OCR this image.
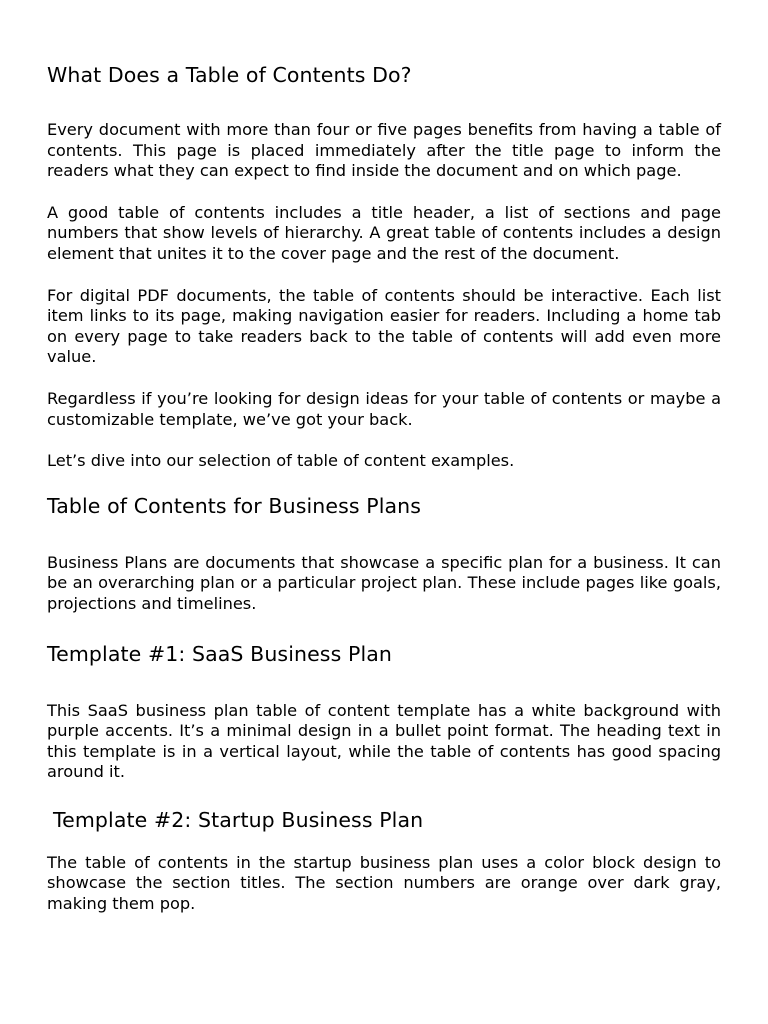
What Does a Table of Contents Do?

Every document with more than four or five pages benefits from having a table of contents. This page is placed immediately after the title page to inform the readers what they can expect to find inside the document and on which page.

A good table of contents includes a title header, a list of sections and page numbers that show levels of hierarchy. A great table of contents includes a design element that unites it to the cover page and the rest of the document.

For digital PDF documents, the table of contents should be interactive. Each list item links to its page, making navigation easier for readers. Including a home tab on every page to take readers back to the table of contents will add even more value.

Regardless if you’re looking for design ideas for your table of contents or maybe a customizable template, we’ve got your back.

Let’s dive into our selection of table of content examples.

Table of Contents for Business Plans

Business Plans are documents that showcase a specific plan for a business. It can be an overarching plan or a particular project plan. These include pages like goals, projections and timelines.

Template #1: SaaS Business Plan

This SaaS business plan table of content template has a white background with purple accents. It’s a minimal design in a bullet point format. The heading text in this template is in a vertical layout, while the table of contents has good spacing around it.

Template #2: Startup Business Plan

The table of contents in the startup business plan uses a color block design to showcase the section titles. The section numbers are orange over dark gray, making them pop.
